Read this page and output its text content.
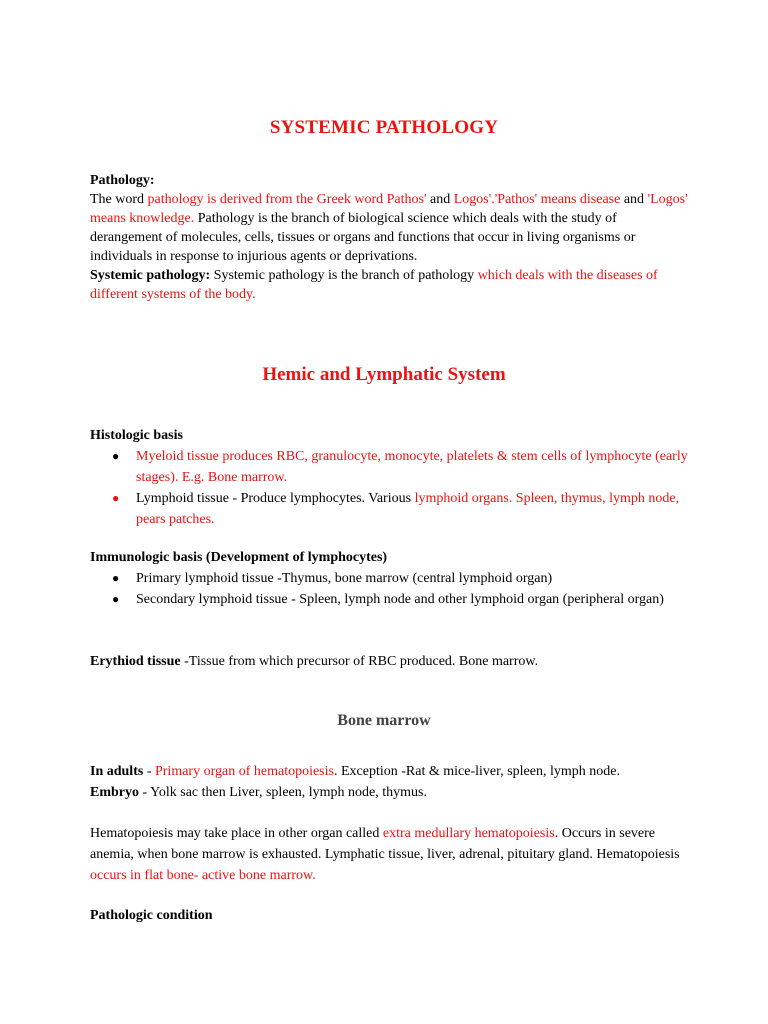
SYSTEMIC PATHOLOGY

Pathology:

The word pathology is derived from the Greek word Pathos' and Logos'.'Pathos' means disease and 'Logos' means knowledge. Pathology is the branch of biological science which deals with the study of derangement of molecules, cells, tissues or organs and functions that occur in living organisms or individuals in response to injurious agents or deprivations.

Systemic pathology: Systemic pathology is the branch of pathology which deals with the diseases of different systems of the body.

Hemic and Lymphatic System

Histologic basis

● Myeloid tissue produces RBC, granulocyte, monocyte, platelets & stem cells of lymphocyte (early stages). E.g. Bone marrow.
● Lymphoid tissue - Produce lymphocytes. Various lymphoid organs. Spleen, thymus, lymph node, pears patches.

Immunologic basis (Development of lymphocytes)

● Primary lymphoid tissue -Thymus, bone marrow (central lymphoid organ)
● Secondary lymphoid tissue - Spleen, lymph node and other lymphoid organ (peripheral organ)

Erythiod tissue -Tissue from which precursor of RBC produced. Bone marrow.

Bone marrow

In adults - Primary organ of hematopoiesis. Exception -Rat & mice-liver, spleen, lymph node.

Embryo - Yolk sac then Liver, spleen, lymph node, thymus.

Hematopoiesis may take place in other organ called extra medullary hematopoiesis. Occurs in severe anemia, when bone marrow is exhausted. Lymphatic tissue, liver, adrenal, pituitary gland. Hematopoiesis occurs in flat bone- active bone marrow.

Pathologic condition
